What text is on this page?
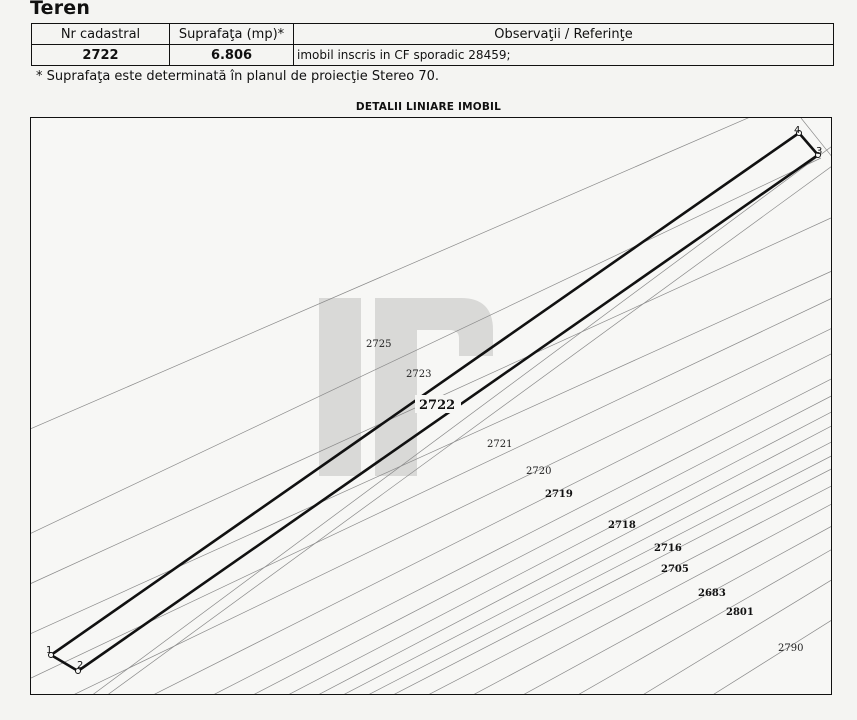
Teren
Nr cadastral	Suprafaţa (mp)*	Observaţii / Referinţe
2722	6.806	imobil inscris in CF sporadic 28459;
* Suprafaţa este determinată în planul de proiecţie Stereo 70.
DETALII LINIARE IMOBIL
1
2
3
4
2722
2725
2723
2721
2720
2719
2718
2716
2705
2683
2801
2790
